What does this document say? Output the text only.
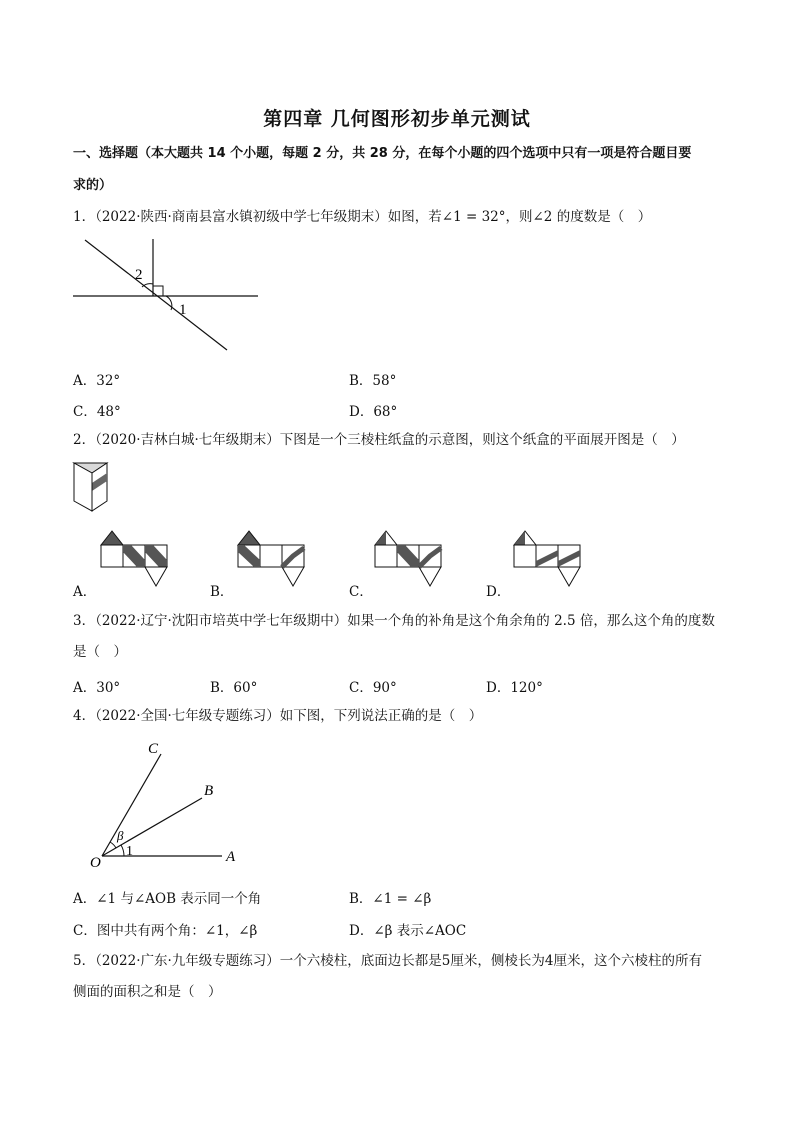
第四章 几何图形初步单元测试
一、选择题（本大题共 14 个小题，每题 2 分，共 28 分，在每个小题的四个选项中只有一项是符合题目要
求的）
1．（2022·陕西·商南县富水镇初级中学七年级期末）如图，若∠1 = 32°，则∠2 的度数是（　）
2
1
A．32°	B．58°
C．48°	D．68°
2．（2020·吉林白城·七年级期末）下图是一个三棱柱纸盒的示意图，则这个纸盒的平面展开图是（　）
A．	B．	C．	D．
3．（2022·辽宁·沈阳市培英中学七年级期中）如果一个角的补角是这个角余角的 2.5 倍，那么这个角的度数
是（　）
A．30°	B．60°	C．90°	D．120°
4．（2022·全国·七年级专题练习）如下图，下列说法正确的是（　）
C
B
β
O
1	A
A．∠1 与∠AOB 表示同一个角	B．∠1 = ∠β
C．图中共有两个角：∠1，∠β	D．∠β 表示∠AOC
5．（2022·广东·九年级专题练习）一个六棱柱，底面边长都是5厘米，侧棱长为4厘米，这个六棱柱的所有
侧面的面积之和是（　）
